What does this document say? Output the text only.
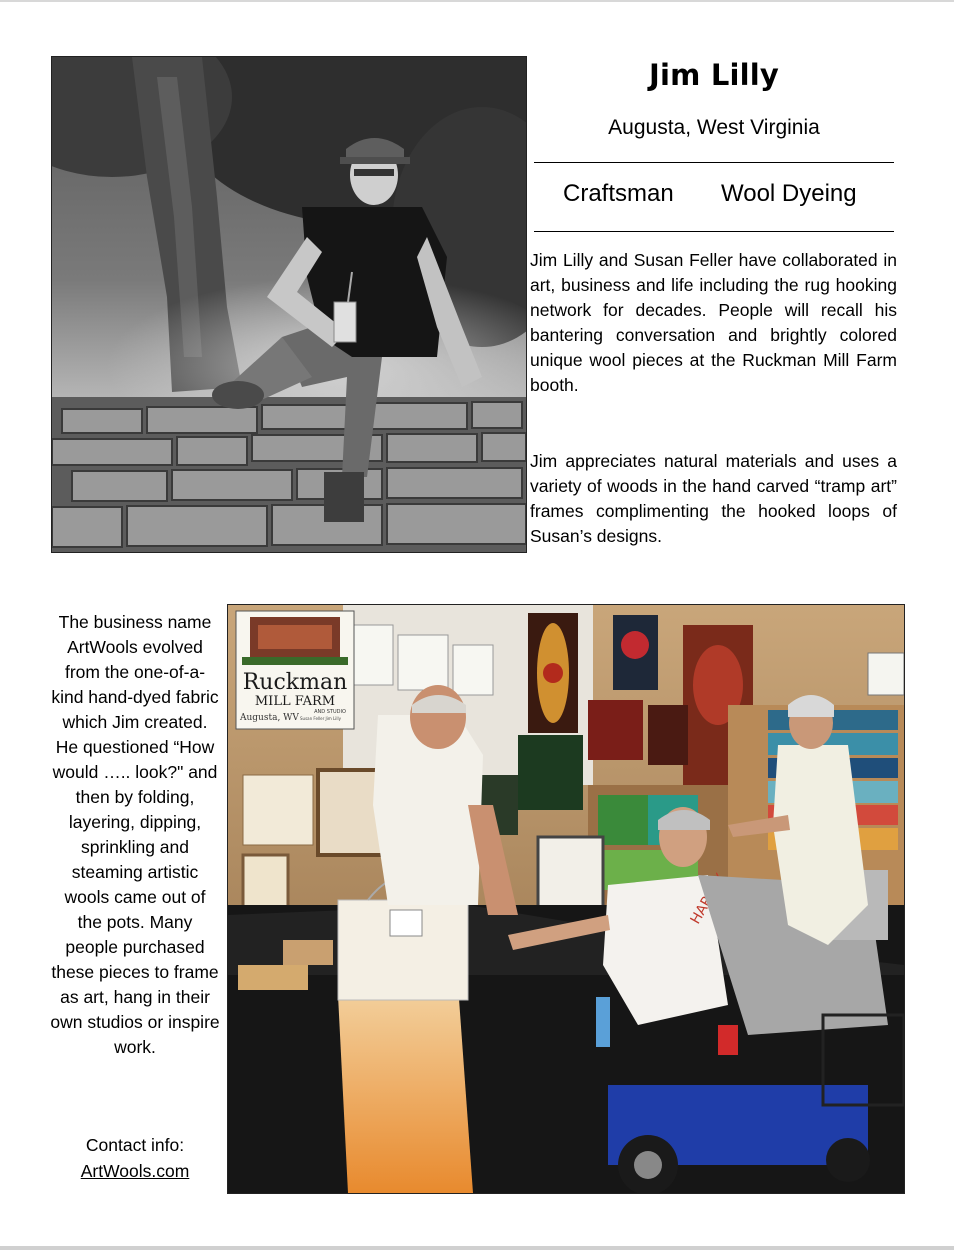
Jim Lilly
Augusta, West Virginia
Craftsman Wool Dyeing
Jim Lilly and Susan Feller have collaborated in art, business and life including the rug hooking network for decades. People will recall his bantering conversation and brightly colored unique wool pieces at the Ruckman Mill Farm booth.
Jim appreciates natural materials and uses a variety of woods in the hand carved “tramp art” frames complimenting the hooked loops of Susan’s designs.
The business name ArtWools evolved from the one-of-a-kind hand-dyed fabric which Jim created. He questioned “How would ….. look?" and then by folding, layering, dipping, sprinkling and steaming artistic wools came out of the pots. Many people purchased these pieces to frame as art, hang in their own studios or inspire work.
Contact info:
ArtWools.com
Ruckman
MILL FARM
AND STUDIO
Augusta, WV Susan Feller Jim Lilly
